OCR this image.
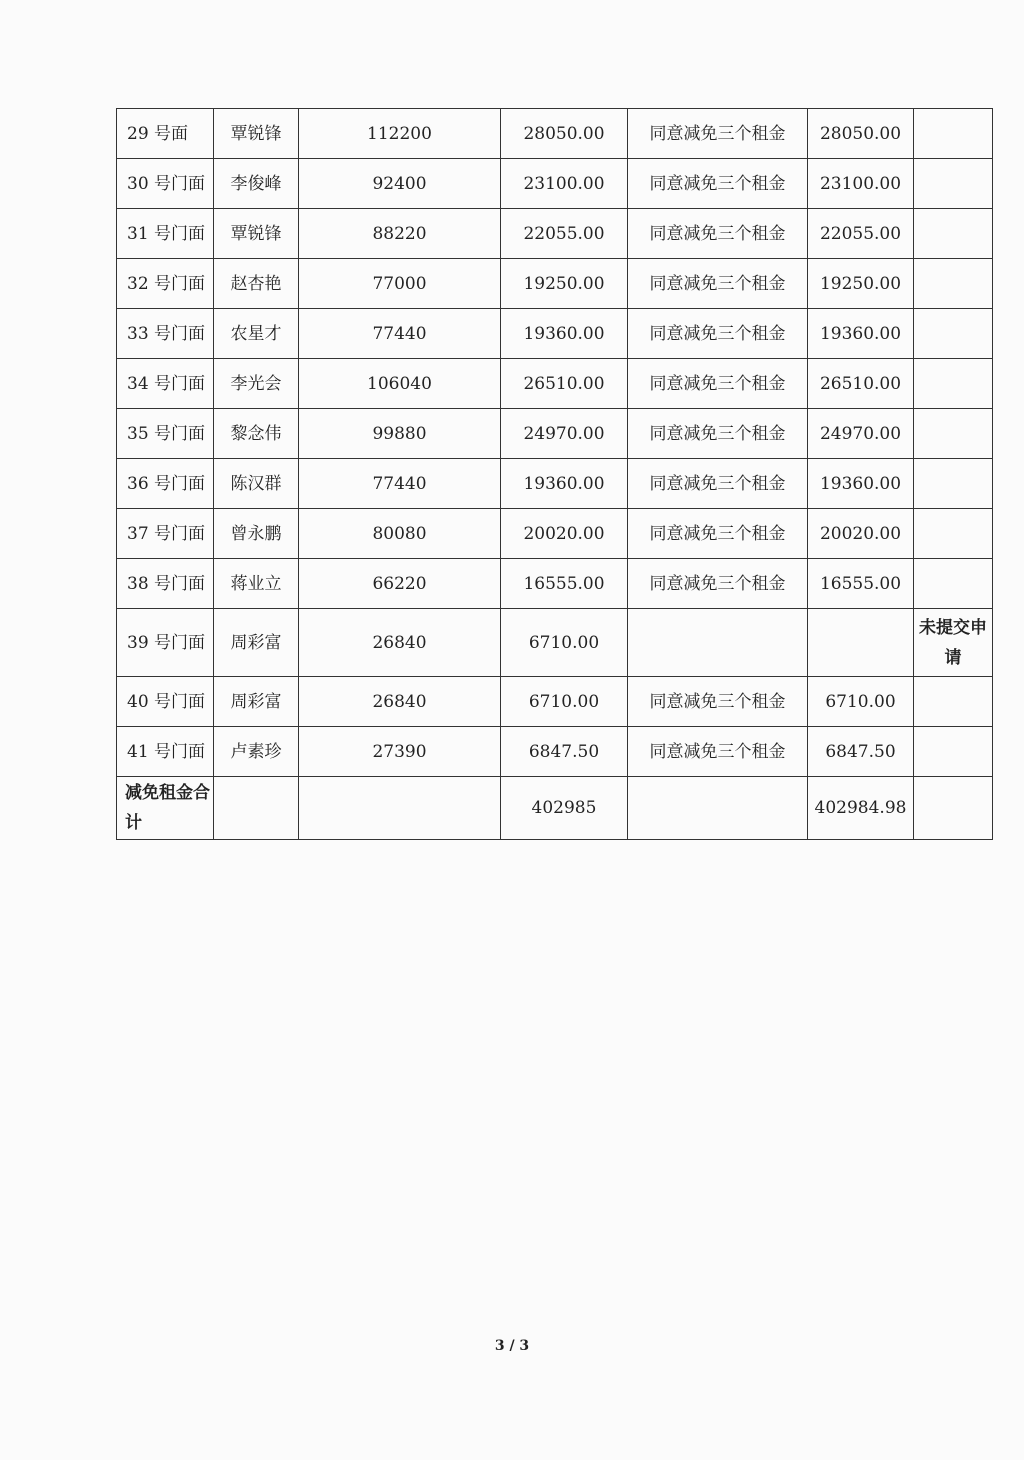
29 号面	覃锐锋	112200	28050.00	同意减免三个租金	28050.00	
30 号门面	李俊峰	92400	23100.00	同意减免三个租金	23100.00	
31 号门面	覃锐锋	88220	22055.00	同意减免三个租金	22055.00	
32 号门面	赵杏艳	77000	19250.00	同意减免三个租金	19250.00	
33 号门面	农星才	77440	19360.00	同意减免三个租金	19360.00	
34 号门面	李光会	106040	26510.00	同意减免三个租金	26510.00	
35 号门面	黎念伟	99880	24970.00	同意减免三个租金	24970.00	
36 号门面	陈汉群	77440	19360.00	同意减免三个租金	19360.00	
37 号门面	曾永鹏	80080	20020.00	同意减免三个租金	20020.00	
38 号门面	蒋业立	66220	16555.00	同意减免三个租金	16555.00	
39 号门面	周彩富	26840	6710.00			未提交申请
40 号门面	周彩富	26840	6710.00	同意减免三个租金	6710.00	
41 号门面	卢素珍	27390	6847.50	同意减免三个租金	6847.50	
减免租金合计			402985		402984.98	
3 / 3
